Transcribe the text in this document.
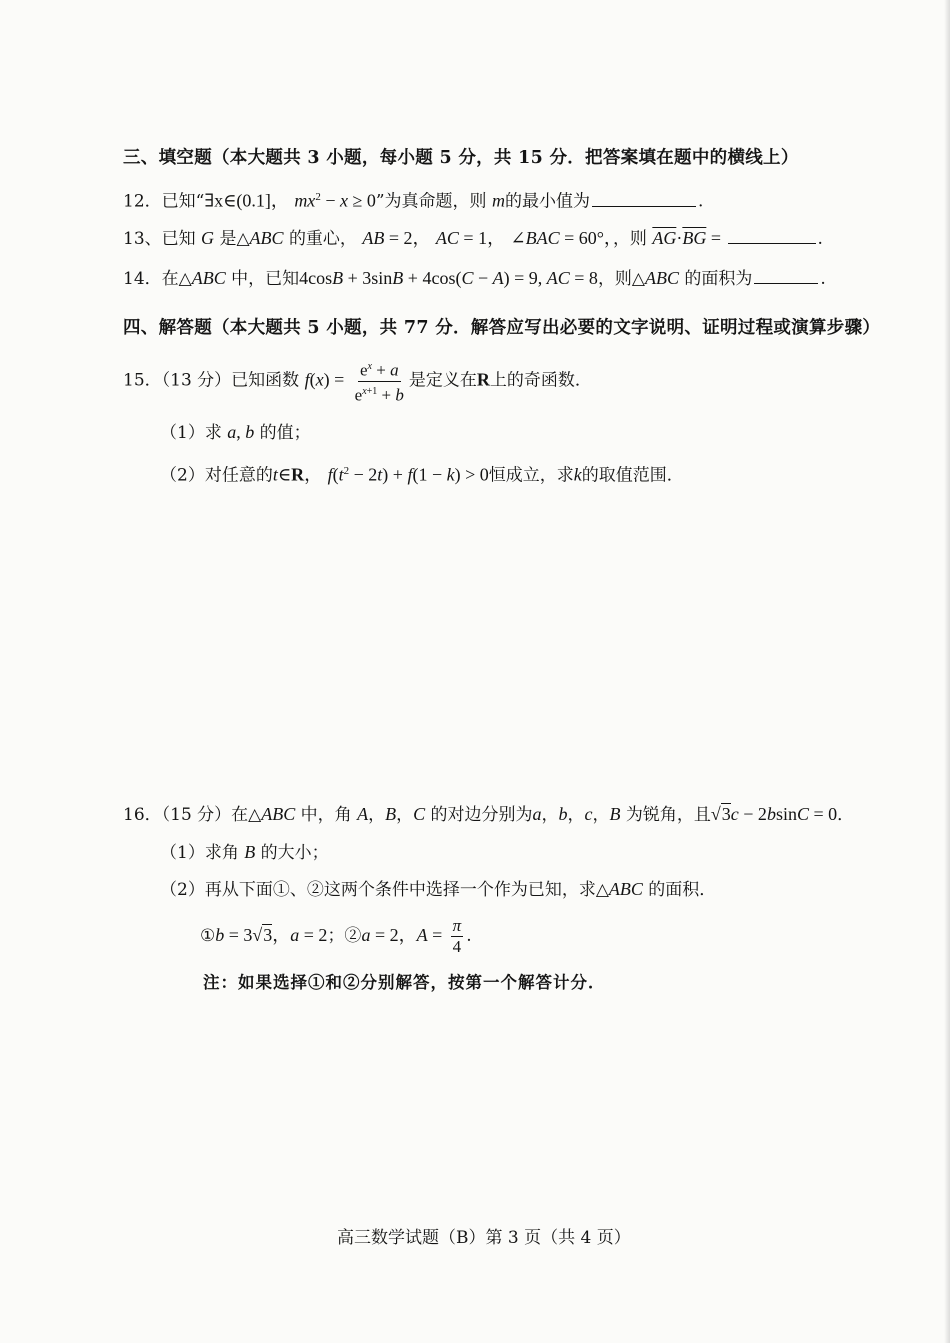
三、填空题（本大题共 3 小题，每小题 5 分，共 15 分．把答案填在题中的横线上）
12．已知“∃x∈(0.1]， $mx^2 - x \ge 0$”为真命题，则 m的最小值为	.
13、已知 G 是△ABC 的重心， AB = 2， AC = 1， ∠BAC = 60°，，则 $\overline{AG}\cdot\overline{BG}$ =	.
14．在△ABC 中，已知4cosB + 3sinB + 4cos(C − A) = 9, AC = 8，则△ABC 的面积为	.
四、解答题（本大题共 5 小题，共 77 分．解答应写出必要的文字说明、证明过程或演算步骤）
15．（13 分）已知函数 $f(x) = \frac{e^x + a}{e^{x+1} + b}$ 是定义在R上的奇函数．
（1）求 a, b 的值；
（2）对任意的t∈R， $f(t^2 - 2t) + f(1 - k) > 0$恒成立，求k的取值范围．
16．（15 分）在△ABC 中，角 A，B，C 的对边分别为a，b，c，B 为锐角，且√3c − 2bsinC = 0．
（1）求角 B 的大小；
（2）再从下面①、②这两个条件中选择一个作为已知，求△ABC 的面积．
①b = 3√3，a = 2；②a = 2，$A = \frac{\pi}{4}$ .
注：如果选择①和②分别解答，按第一个解答计分．
高三数学试题（B）第 3 页（共 4 页）
